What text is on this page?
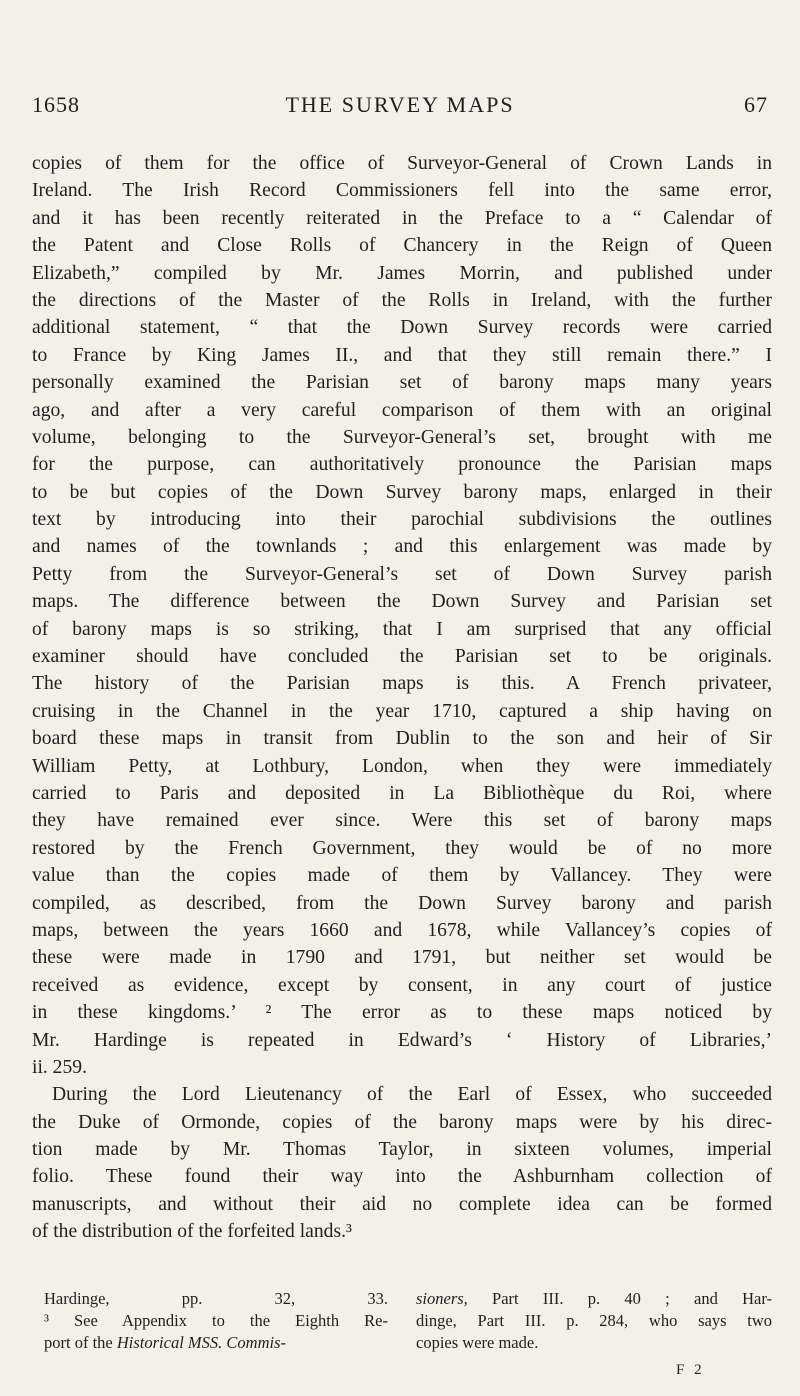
1658	THE SURVEY MAPS	67
copies of them for the office of Surveyor-General of Crown Lands in
Ireland. The Irish Record Commissioners fell into the same error,
and it has been recently reiterated in the Preface to a “ Calendar of
the Patent and Close Rolls of Chancery in the Reign of Queen
Elizabeth,” compiled by Mr. James Morrin, and published under
the directions of the Master of the Rolls in Ireland, with the further
additional statement, “ that the Down Survey records were carried
to France by King James II., and that they still remain there.” I
personally examined the Parisian set of barony maps many years
ago, and after a very careful comparison of them with an original
volume, belonging to the Surveyor-General’s set, brought with me
for the purpose, can authoritatively pronounce the Parisian maps
to be but copies of the Down Survey barony maps, enlarged in their
text by introducing into their parochial subdivisions the outlines
and names of the townlands ; and this enlargement was made by
Petty from the Surveyor-General’s set of Down Survey parish
maps. The difference between the Down Survey and Parisian set
of barony maps is so striking, that I am surprised that any official
examiner should have concluded the Parisian set to be originals.
The history of the Parisian maps is this. A French privateer,
cruising in the Channel in the year 1710, captured a ship having on
board these maps in transit from Dublin to the son and heir of Sir
William Petty, at Lothbury, London, when they were immediately
carried to Paris and deposited in La Bibliothèque du Roi, where
they have remained ever since. Were this set of barony maps
restored by the French Government, they would be of no more
value than the copies made of them by Vallancey. They were
compiled, as described, from the Down Survey barony and parish
maps, between the years 1660 and 1678, while Vallancey’s copies of
these were made in 1790 and 1791, but neither set would be
received as evidence, except by consent, in any court of justice
in these kingdoms.’ ² The error as to these maps noticed by
Mr. Hardinge is repeated in Edward’s ‘ History of Libraries,’
ii. 259.
During the Lord Lieutenancy of the Earl of Essex, who succeeded
the Duke of Ormonde, copies of the barony maps were by his direc-
tion made by Mr. Thomas Taylor, in sixteen volumes, imperial
folio. These found their way into the Ashburnham collection of
manuscripts, and without their aid no complete idea can be formed
of the distribution of the forfeited lands.³
Hardinge, pp. 32, 33.
³ See Appendix to the Eighth Re-
port of the Historical MSS. Commis-
sioners, Part III. p. 40 ; and Har-
dinge, Part III. p. 284, who says two
copies were made.
F 2
